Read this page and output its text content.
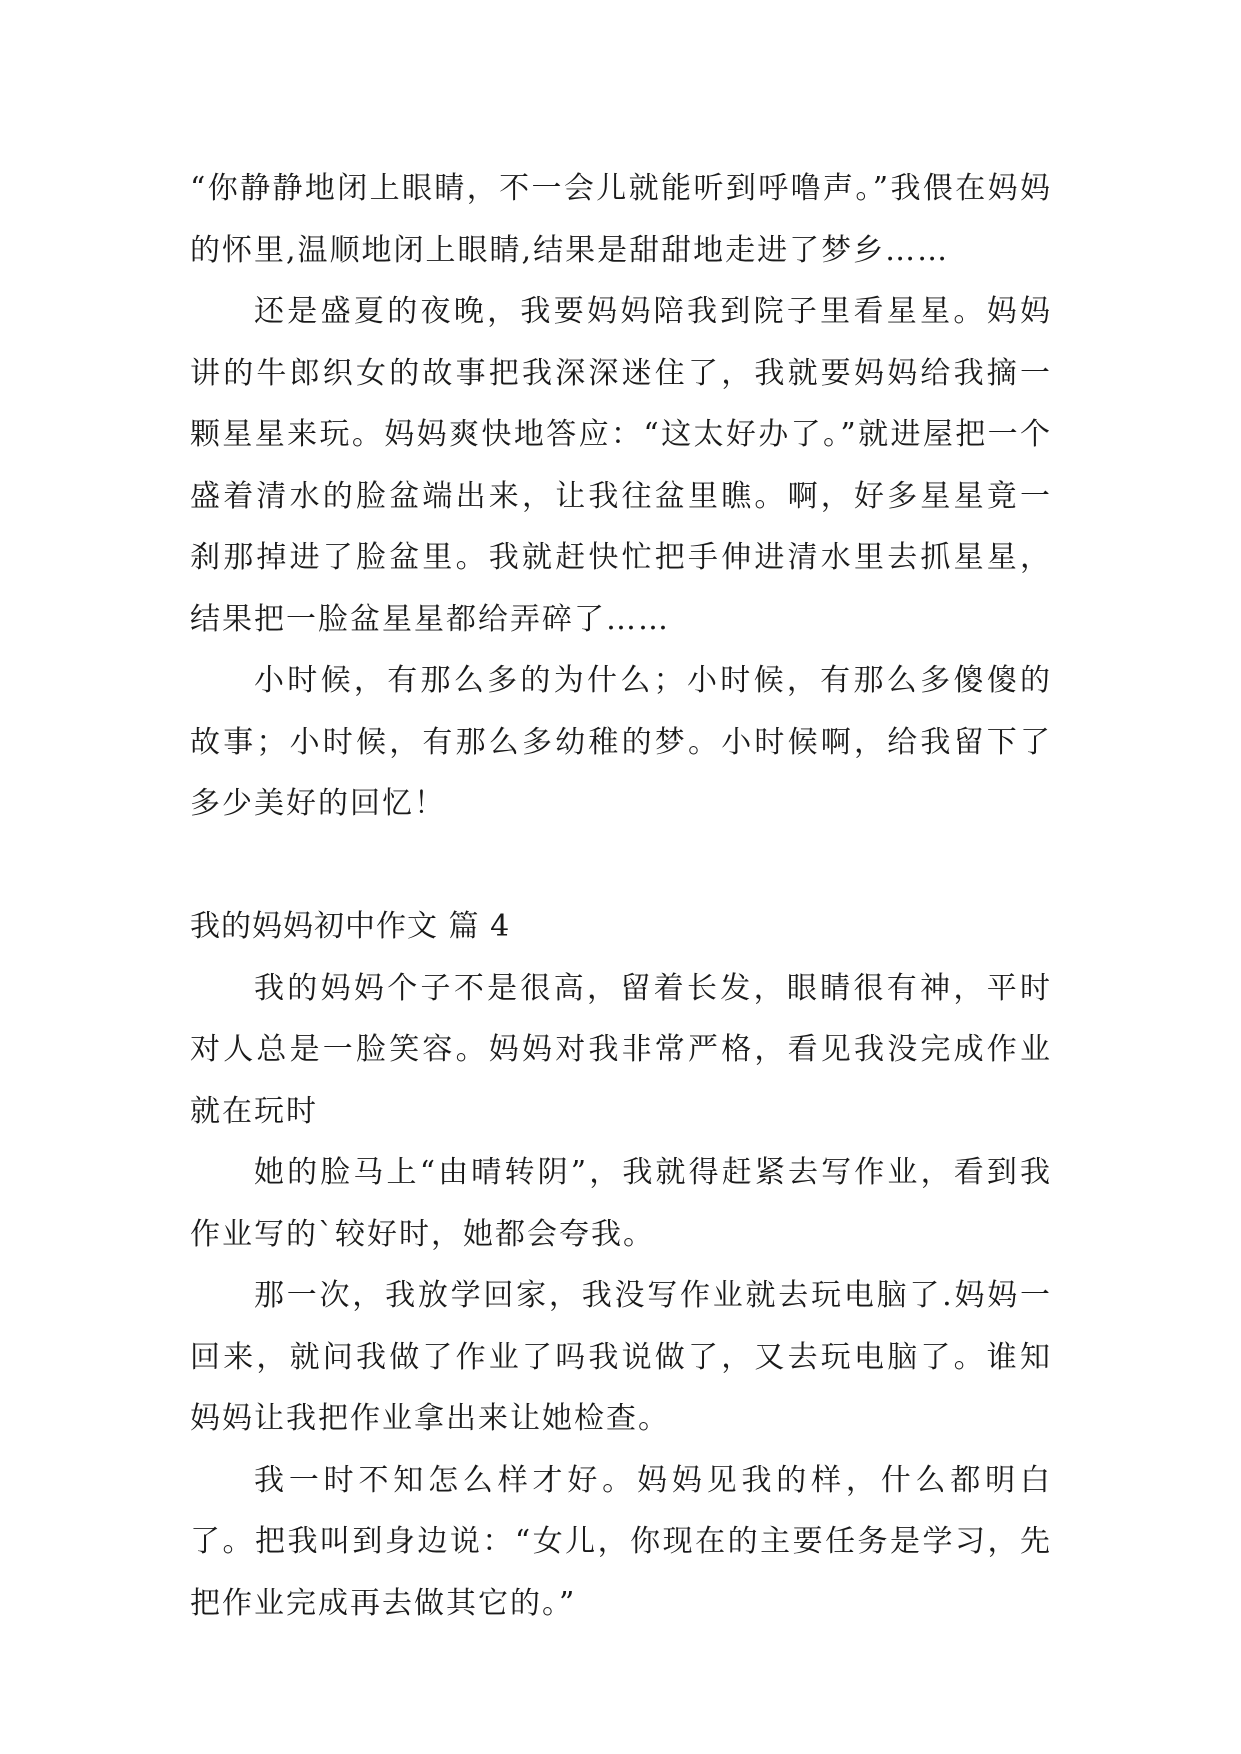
“你静静地闭上眼睛，不一会儿就能听到呼噜声。”我偎在妈妈的怀里,温顺地闭上眼睛,结果是甜甜地走进了梦乡……

还是盛夏的夜晚，我要妈妈陪我到院子里看星星。妈妈讲的牛郎织女的故事把我深深迷住了，我就要妈妈给我摘一颗星星来玩。妈妈爽快地答应：“这太好办了。”就进屋把一个盛着清水的脸盆端出来，让我往盆里瞧。啊，好多星星竟一刹那掉进了脸盆里。我就赶快忙把手伸进清水里去抓星星，结果把一脸盆星星都给弄碎了……

小时候，有那么多的为什么；小时候，有那么多傻傻的故事；小时候，有那么多幼稚的梦。小时候啊，给我留下了多少美好的回忆！

我的妈妈初中作文 篇 4

我的妈妈个子不是很高，留着长发，眼睛很有神，平时对人总是一脸笑容。妈妈对我非常严格，看见我没完成作业就在玩时

她的脸马上“由晴转阴”，我就得赶紧去写作业，看到我作业写的`较好时，她都会夸我。

那一次，我放学回家，我没写作业就去玩电脑了.妈妈一回来，就问我做了作业了吗我说做了，又去玩电脑了。谁知妈妈让我把作业拿出来让她检查。

我一时不知怎么样才好。妈妈见我的样，什么都明白了。把我叫到身边说：“女儿，你现在的主要任务是学习，先把作业完成再去做其它的。”
